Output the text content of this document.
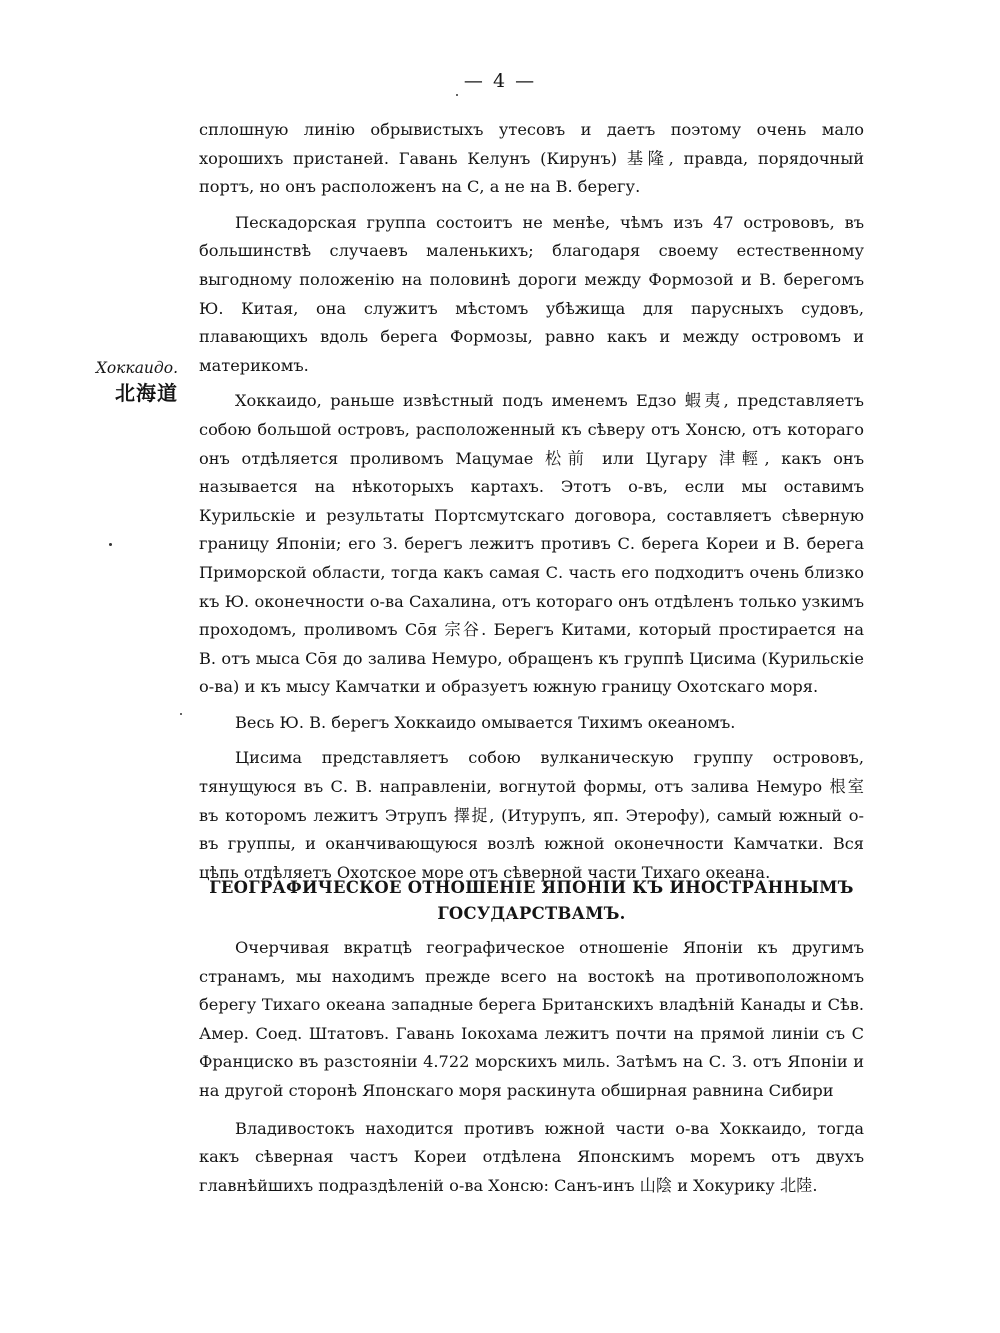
— 4 —
Хоккаидо.
北海道

сплошную линію обрывистыхъ утесовъ и даетъ поэтому очень мало хорошихъ пристаней. Гавань Келунъ (Кирунъ) 基隆, правда, порядочный портъ, но онъ расположенъ на С, а не на В. берегу.

Пескадорская группа состоитъ не менѣе, чѣмъ изъ 47 острововъ, въ большинствѣ случаевъ маленькихъ; благодаря своему естественному выгодному положенію на половинѣ дороги между Формозой и В. берегомъ Ю. Китая, она служитъ мѣстомъ убѣжища для парусныхъ судовъ, плавающихъ вдоль берега Формозы, равно какъ и между островомъ и материкомъ.

Хоккаидо, раньше извѣстный подъ именемъ Едзо 蝦夷, представляетъ собою большой островъ, расположенный къ сѣверу отъ Хонсю, отъ котораго онъ отдѣляется проливомъ Мацумае 松前 или Цугару 津輕, какъ онъ называется на нѣкоторыхъ картахъ. Этотъ о-въ, если мы оставимъ Курильскіе и результаты Портсмутскаго договора, составляетъ сѣверную границу Японіи; его З. берегъ лежитъ противъ С. берега Кореи и В. берега Приморской области, тогда какъ самая С. часть его подходитъ очень близко къ Ю. оконечности о-ва Сахалина, отъ котораго онъ отдѣленъ только узкимъ проходомъ, проливомъ Сōя 宗谷. Берегъ Китами, который простирается на В. отъ мыса Сōя до залива Немуро, обращенъ къ группѣ Цисима (Курильскіе о-ва) и къ мысу Камчатки и образуетъ южную границу Охотскаго моря.

Весь Ю. В. берегъ Хоккаидо омывается Тихимъ океаномъ.

Цисима представляетъ собою вулканическую группу острововъ, тянущуюся въ С. В. направленіи, вогнутой формы, отъ залива Немуро 根室 въ которомъ лежитъ Этрупъ 擇捉, (Итурупъ, яп. Этерофу), самый южный о-въ группы, и оканчивающуюся возлѣ южной оконечности Камчатки. Вся цѣпь отдѣляетъ Охотское море отъ сѣверной части Тихаго океана.

ГЕОГРАФИЧЕСКОЕ ОТНОШЕНІЕ ЯПОНІИ КЪ ИНОСТРАННЫМЪ ГОСУДАРСТВАМЪ.

Очерчивая вкратцѣ географическое отношеніе Японіи къ другимъ странамъ, мы находимъ прежде всего на востокѣ на противоположномъ берегу Тихаго океана западные берега Британскихъ владѣній Канады и Сѣв. Амер. Соед. Штатовъ. Гавань Іокохама лежитъ почти на прямой линіи съ С Франциско въ разстояніи 4.722 морскихъ миль. Затѣмъ на С. З. отъ Японіи и на другой сторонѣ Японскаго моря раскинута обширная равнина Сибири

Владивостокъ находится противъ южной части о-ва Хоккаидо, тогда какъ сѣверная частъ Кореи отдѣлена Японскимъ моремъ отъ двухъ главнѣйшихъ подраздѣленій о-ва Хонсю: Санъ-инъ 山陰 и Хокурику 北陸.
